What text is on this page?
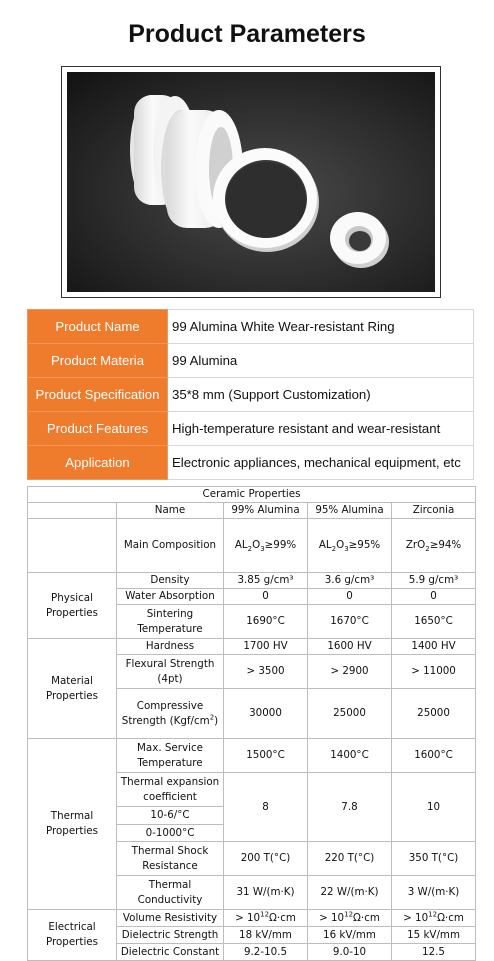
Product Parameters
Product Name	99 Alumina White Wear-resistant Ring
Product Materia	99 Alumina
Product Specification	35*8 mm (Support Customization)
Product Features	High-temperature resistant and wear-resistant
Application	Electronic appliances, mechanical equipment, etc
Ceramic Properties				
	Name	99% Alumina	95% Alumina	Zirconia
	Main Composition	$AL_2O_3\ge 99\%$	$AL_2O_3\ge 95\%$	ZrO$_2$≥94%
Physical Properties	Density	3.85 g/cm³	3.6 g/cm³	5.9 g/cm³
	Water Absorption	0	0	0
	Sintering Temperature	1690°C	1670°C	1650°C
Material Properties	Hardness	1700 HV	1600 HV	1400 HV
	Flexural Strength (4pt)	> 3500	> 2900	> 11000
	Compressive Strength $(Kgf/cm^2)$	30000	25000	25000
Thermal Properties	Max. Service Temperature	1500°C	1400°C	1600°C
	Thermal expansion coefficient	8	7.8	10
	10-6/°C			
	0-1000°C			
	Thermal Shock Resistance	200 T(°C)	220 T(°C)	350 T(°C)
	Thermal Conductivity	31 W/(m·K)	22 W/(m·K)	3 W/(m·K)
Electrical Properties	Volume Resistivity	> $10^{12}\Omega\cdot cm$	> $10^{12}\Omega\cdot cm$	> $10^{12}\Omega\cdot cm$
	Dielectric Strength	18 kV/mm	16 kV/mm	15 kV/mm
	Dielectric Constant	9.2-10.5	9.0-10	12.5
